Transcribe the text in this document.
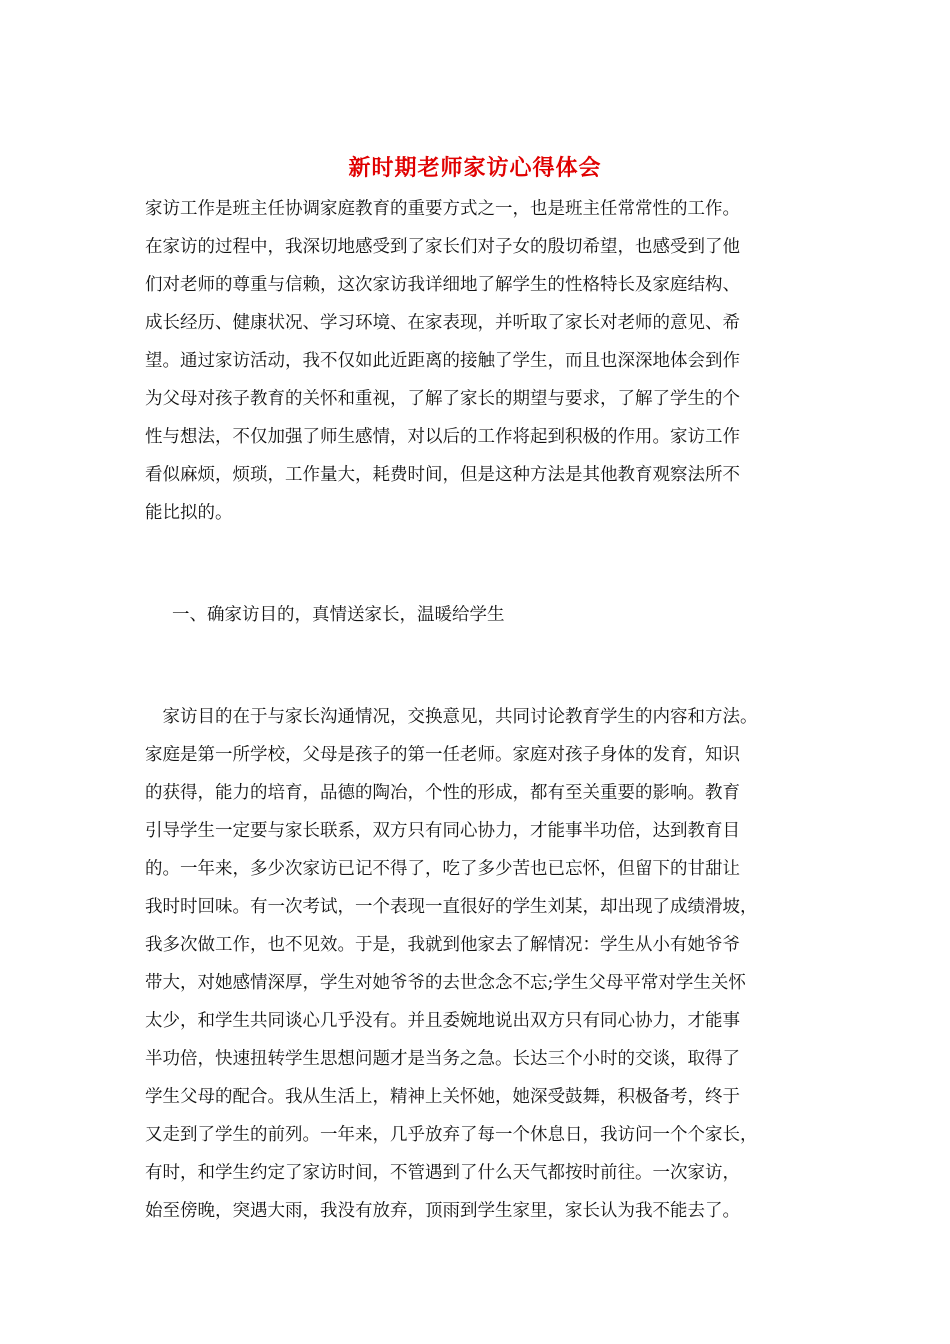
新时期老师家访心得体会
家访工作是班主任协调家庭教育的重要方式之一，也是班主任常常性的工作。
在家访的过程中，我深切地感受到了家长们对子女的殷切希望，也感受到了他
们对老师的尊重与信赖，这次家访我详细地了解学生的性格特长及家庭结构、
成长经历、健康状况、学习环境、在家表现，并听取了家长对老师的意见、希
望。通过家访活动，我不仅如此近距离的接触了学生，而且也深深地体会到作
为父母对孩子教育的关怀和重视，了解了家长的期望与要求，了解了学生的个
性与想法，不仅加强了师生感情，对以后的工作将起到积极的作用。家访工作
看似麻烦，烦琐，工作量大，耗费时间，但是这种方法是其他教育观察法所不
能比拟的。
一、确家访目的，真情送家长，温暖给学生
　家访目的在于与家长沟通情况，交换意见，共同讨论教育学生的内容和方法。
家庭是第一所学校，父母是孩子的第一任老师。家庭对孩子身体的发育，知识
的获得，能力的培育，品德的陶冶，个性的形成，都有至关重要的影响。教育
引导学生一定要与家长联系，双方只有同心协力，才能事半功倍，达到教育目
的。一年来，多少次家访已记不得了，吃了多少苦也已忘怀，但留下的甘甜让
我时时回味。有一次考试，一个表现一直很好的学生刘某，却出现了成绩滑坡，
我多次做工作，也不见效。于是，我就到他家去了解情况：学生从小有她爷爷
带大，对她感情深厚，学生对她爷爷的去世念念不忘;学生父母平常对学生关怀
太少，和学生共同谈心几乎没有。并且委婉地说出双方只有同心协力，才能事
半功倍，快速扭转学生思想问题才是当务之急。长达三个小时的交谈，取得了
学生父母的配合。我从生活上，精神上关怀她，她深受鼓舞，积极备考，终于
又走到了学生的前列。一年来，几乎放弃了每一个休息日，我访问一个个家长，
有时，和学生约定了家访时间，不管遇到了什么天气都按时前往。一次家访，
始至傍晚，突遇大雨，我没有放弃，顶雨到学生家里，家长认为我不能去了。
